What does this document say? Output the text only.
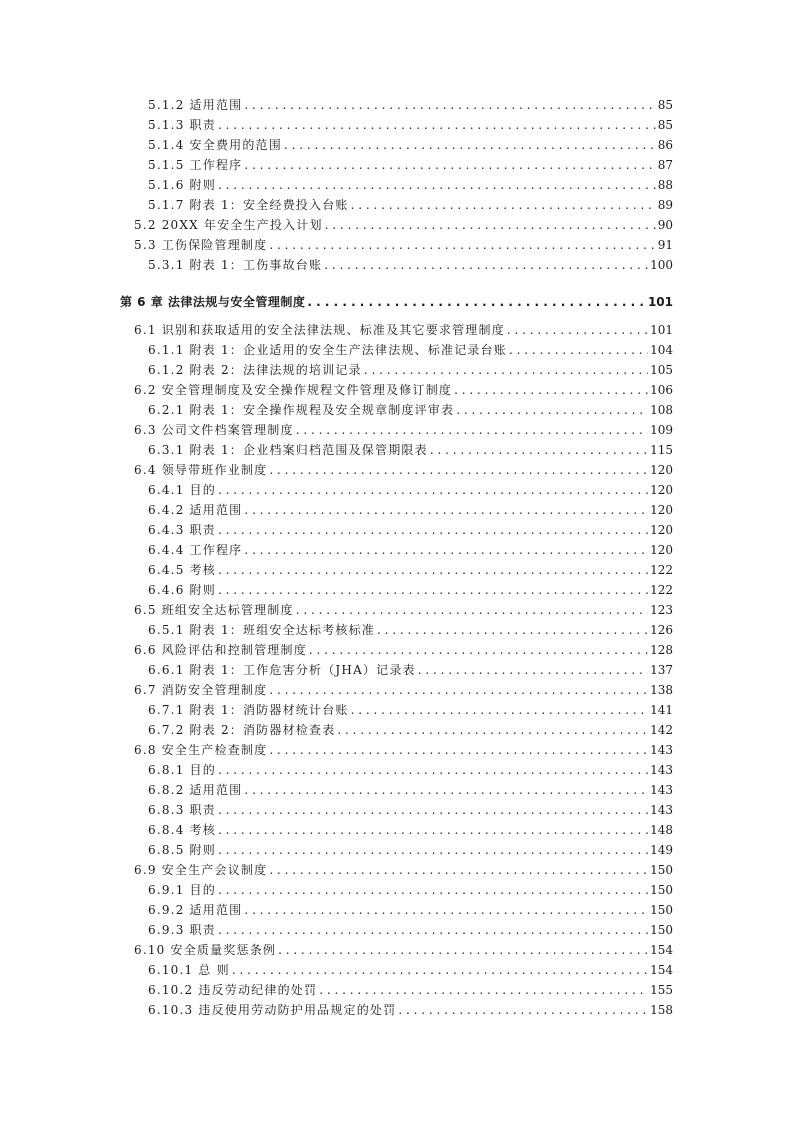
5.1.2 适用范围 . . .	85
5.1.3 职责 . . .	85
5.1.4 安全费用的范围 . . .	86
5.1.5 工作程序 . . .	87
5.1.6 附则 . . .	88
5.1.7 附表 1：安全经费投入台账 . . .	89
5.2 20XX 年安全生产投入计划 . . .	90
5.3 工伤保险管理制度 . . .	91
5.3.1 附表 1：工伤事故台账 . . .	100
第 6 章 法律法规与安全管理制度 . . .	101
6.1 识别和获取适用的安全法律法规、标准及其它要求管理制度 . . .	101
6.1.1 附表 1：企业适用的安全生产法律法规、标准记录台账 . . .	104
6.1.2 附表 2：法律法规的培训记录 . . .	105
6.2 安全管理制度及安全操作规程文件管理及修订制度 . . .	106
6.2.1 附表 1：安全操作规程及安全规章制度评审表 . . .	108
6.3 公司文件档案管理制度 . . .	109
6.3.1 附表 1：企业档案归档范围及保管期限表 . . .	115
6.4 领导带班作业制度 . . .	120
6.4.1 目的 . . .	120
6.4.2 适用范围 . . .	120
6.4.3 职责 . . .	120
6.4.4 工作程序 . . .	120
6.4.5 考核 . . .	122
6.4.6 附则 . . .	122
6.5 班组安全达标管理制度 . . .	123
6.5.1 附表 1：班组安全达标考核标准 . . .	126
6.6 风险评估和控制管理制度 . . .	128
6.6.1 附表 1：工作危害分析（JHA）记录表 . . .	137
6.7 消防安全管理制度 . . .	138
6.7.1 附表 1：消防器材统计台账 . . .	141
6.7.2 附表 2：消防器材检查表 . . .	142
6.8 安全生产检查制度 . . .	143
6.8.1 目的 . . .	143
6.8.2 适用范围 . . .	143
6.8.3 职责 . . .	143
6.8.4 考核 . . .	148
6.8.5 附则 . . .	149
6.9 安全生产会议制度 . . .	150
6.9.1 目的 . . .	150
6.9.2 适用范围 . . .	150
6.9.3 职责 . . .	150
6.10 安全质量奖惩条例 . . .	154
6.10.1 总 则 . . .	154
6.10.2 违反劳动纪律的处罚 . . .	155
6.10.3 违反使用劳动防护用品规定的处罚 . . .	158
